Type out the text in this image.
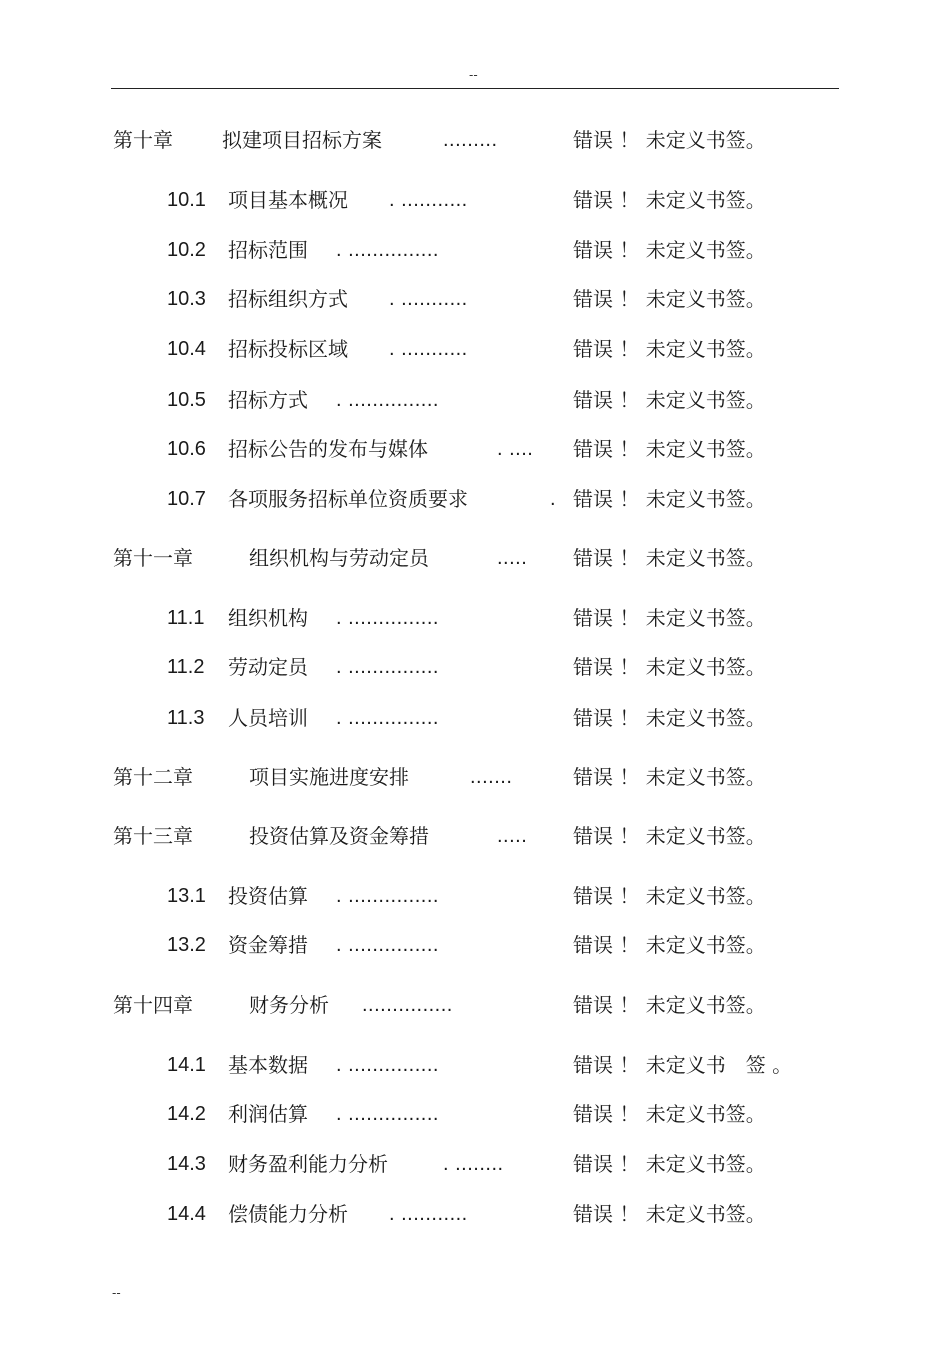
--
第十章 拟建项目招标方案	.........	错误 ！ 未定义书签。
10.1 项目基本概况 . ...........	错误 ！ 未定义书签。
10.2 招标范围 . ...............	错误 ！ 未定义书签。
10.3 招标组织方式 . ...........	错误 ！ 未定义书签。
10.4 招标投标区域 . ...........	错误 ！ 未定义书签。
10.5 招标方式 . ...............	错误 ！ 未定义书签。
10.6 招标公告的发布与媒体	. .... 错误 ！ 未定义书签。
10.7 各项服务招标单位资质要求	. 错误 ！ 未定义书签。
第十一章	组织机构与劳动定员	..... 错误 ！ 未定义书签。
11.1 组织机构 . ...............	错误 ！ 未定义书签。
11.2 劳动定员 . ...............	错误 ！ 未定义书签。
11.3 人员培训 . ...............	错误 ！ 未定义书签。
第十二章	项目实施进度安排	.......	错误 ！ 未定义书签。
第十三章	投资估算及资金筹措	..... 错误 ！ 未定义书签。
13.1 投资估算 . ...............	错误 ！ 未定义书签。
13.2 资金筹措 . ...............	错误 ！ 未定义书签。
第十四章	财务分析 ...............	错误 ！ 未定义书签。
14.1 基本数据 . ...............	错误 ！ 未定义书　签 。
14.2 利润估算 . ...............	错误 ！ 未定义书签。
14.3 财务盈利能力分析	. ........	错误 ！ 未定义书签。
14.4 偿债能力分析 . ...........	错误 ！ 未定义书签。
--
